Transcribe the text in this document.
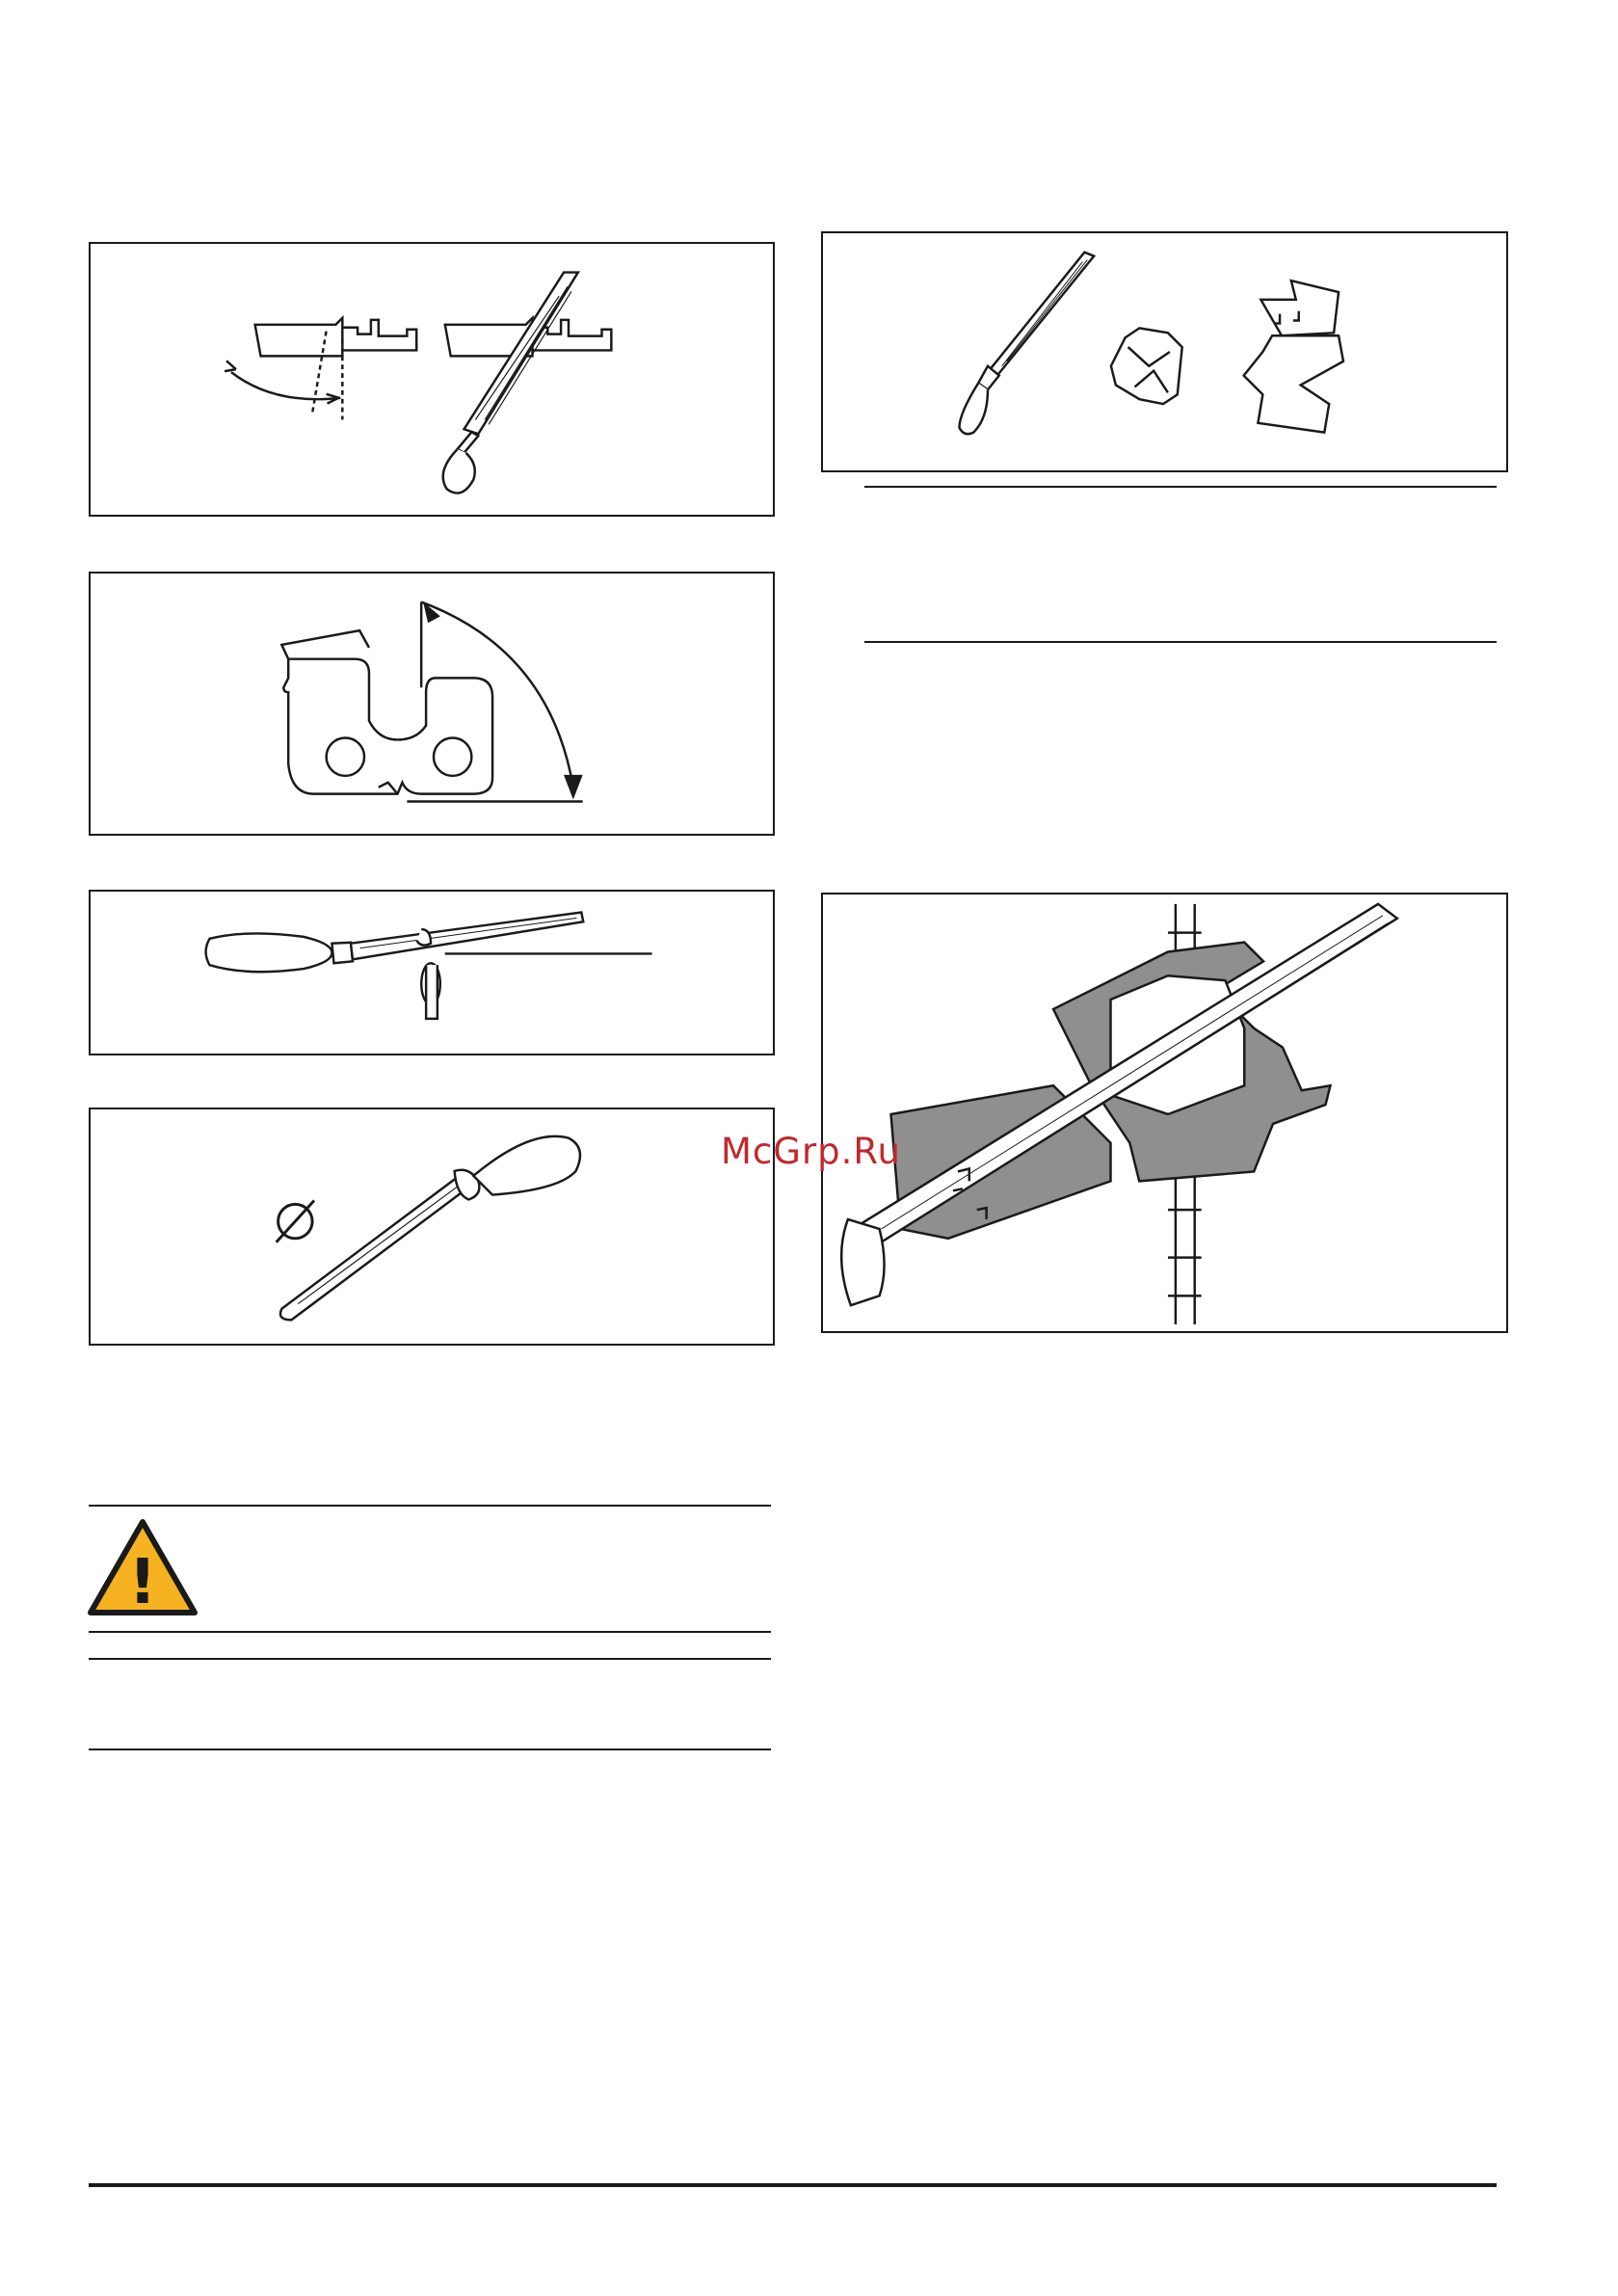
McGrp.Ru
!
